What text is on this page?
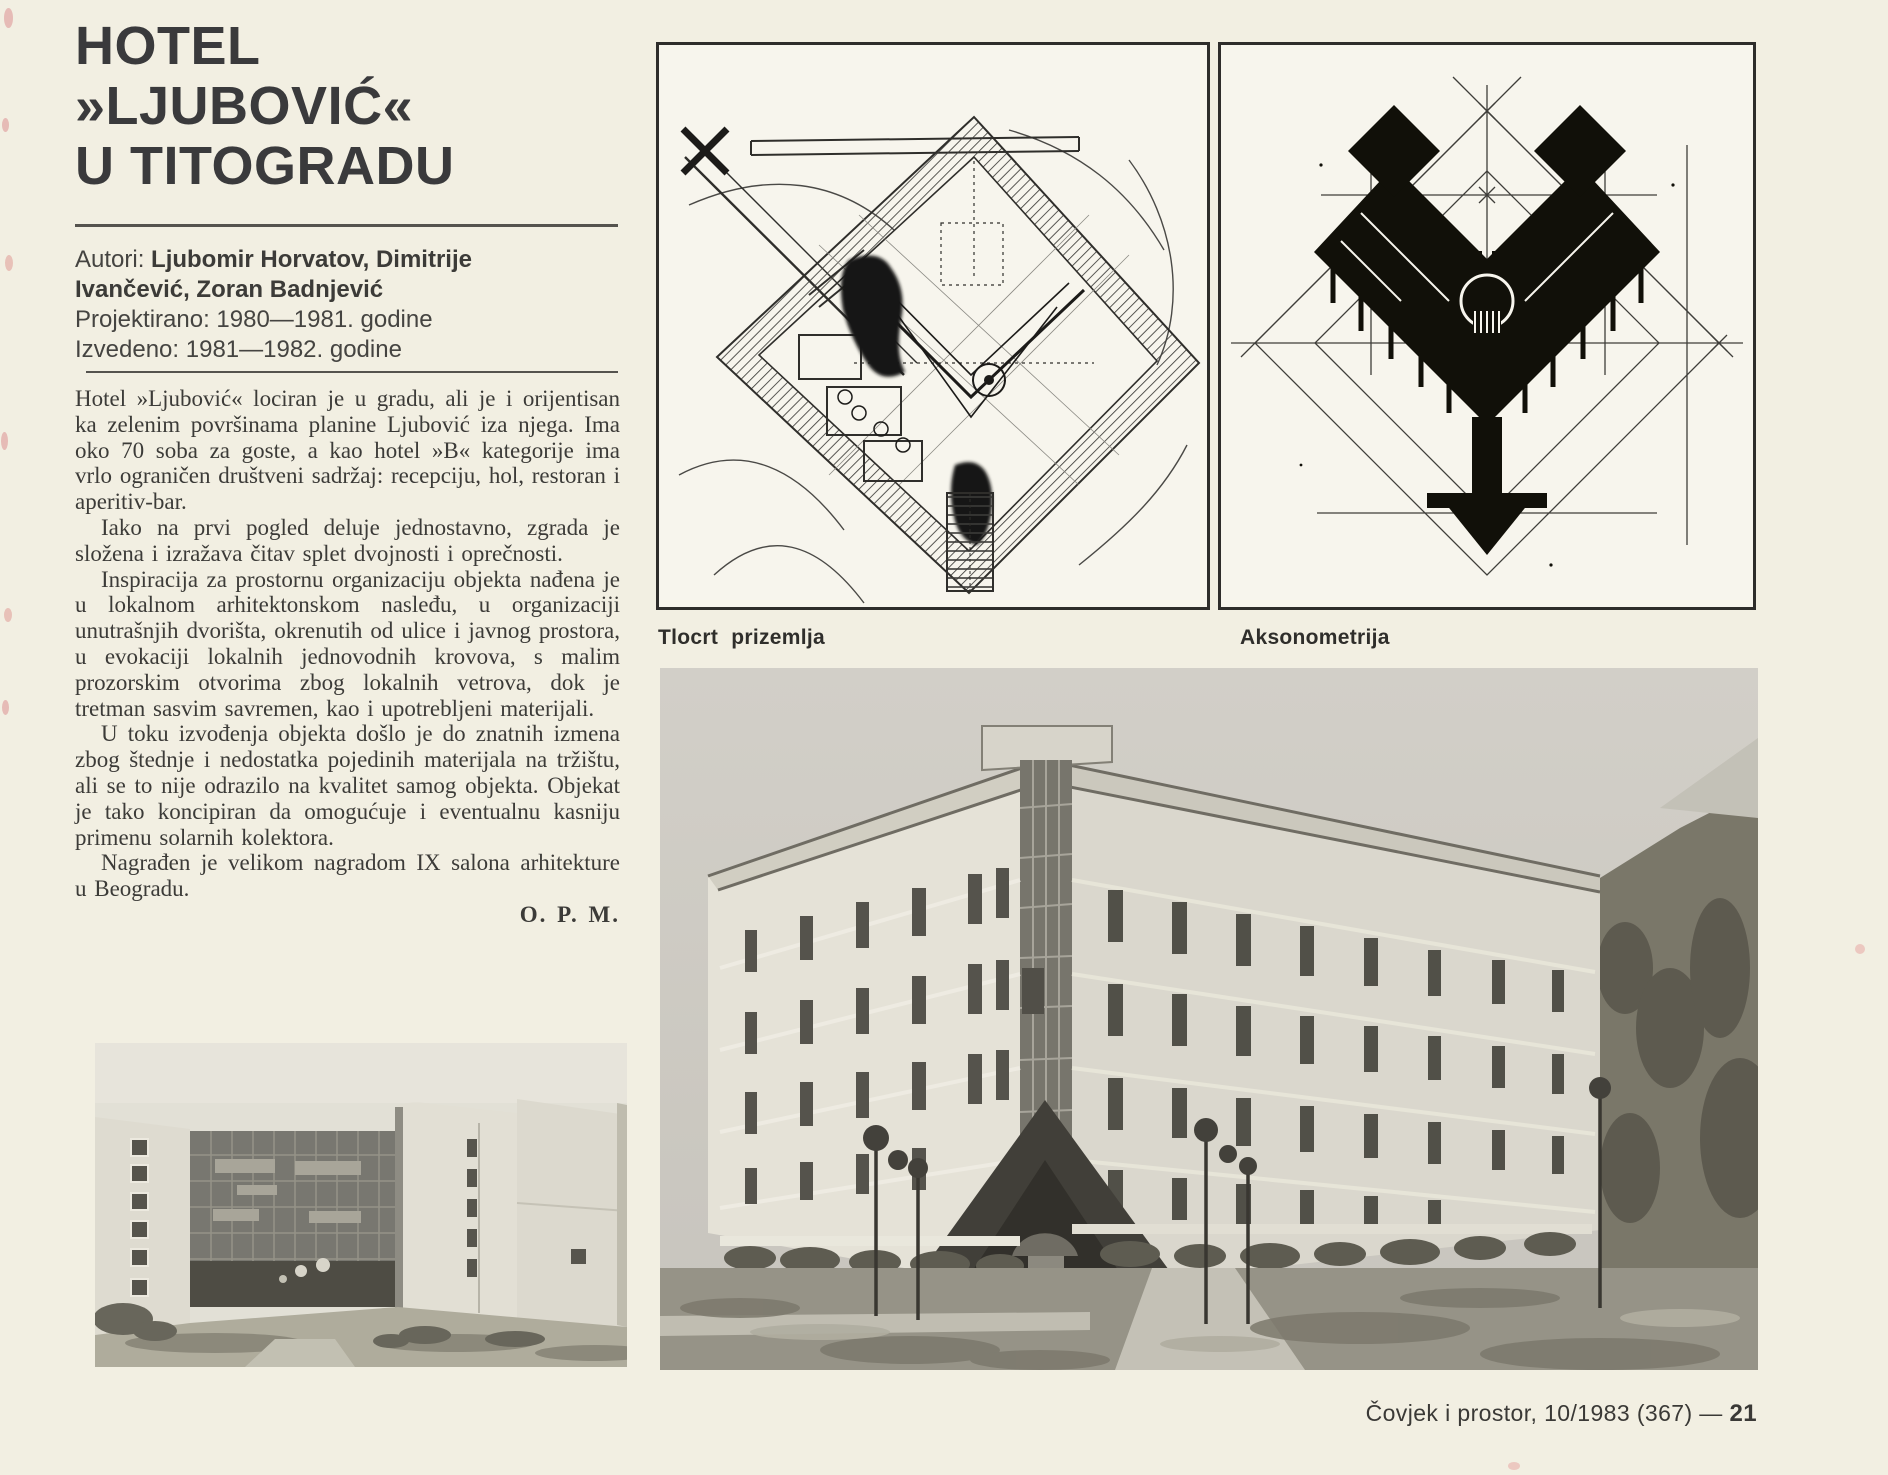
HOTEL
»LJUBOVIĆ«
U TITOGRADU
Autori: Ljubomir Horvatov, Dimitrije
Ivančević, Zoran Badnjević
Projektirano: 1980—1981. godine
Izvedeno: 1981—1982. godine

Hotel »Ljubović« lociran je u gradu, ali je i orijentisan ka zelenim površinama planine Ljubović iza njega. Ima oko 70 soba za goste, a kao hotel »B« kategorije ima vrlo ograničen društveni sadržaj: recepciju, hol, restoran i aperitiv-bar.

Iako na prvi pogled deluje jednostavno, zgrada je složena i izražava čitav splet dvojnosti i oprečnosti.

Inspiracija za prostornu organizaciju objekta nađena je u lokalnom arhitektonskom nasleđu, u organizaciji unutrašnjih dvorišta, okrenutih od ulice i javnog prostora, u evokaciji lokalnih jednovodnih krovova, s malim prozorskim otvorima zbog lokalnih vetrova, dok je tretman sasvim savremen, kao i upotrebljeni materijali.

U toku izvođenja objekta došlo je do znatnih izmena zbog štednje i nedostatka pojedinih materijala na tržištu, ali se to nije odrazilo na kvalitet samog objekta. Objekat je tako koncipiran da omogućuje i eventualnu kasniju primenu solarnih kolektora.

Nagrađen je velikom nagradom IX salona arhitekture u Beogradu.

O. P. M.

Tlocrt prizemlja	Aksonometrija
Čovjek i prostor, 10/1983 (367) — 21
